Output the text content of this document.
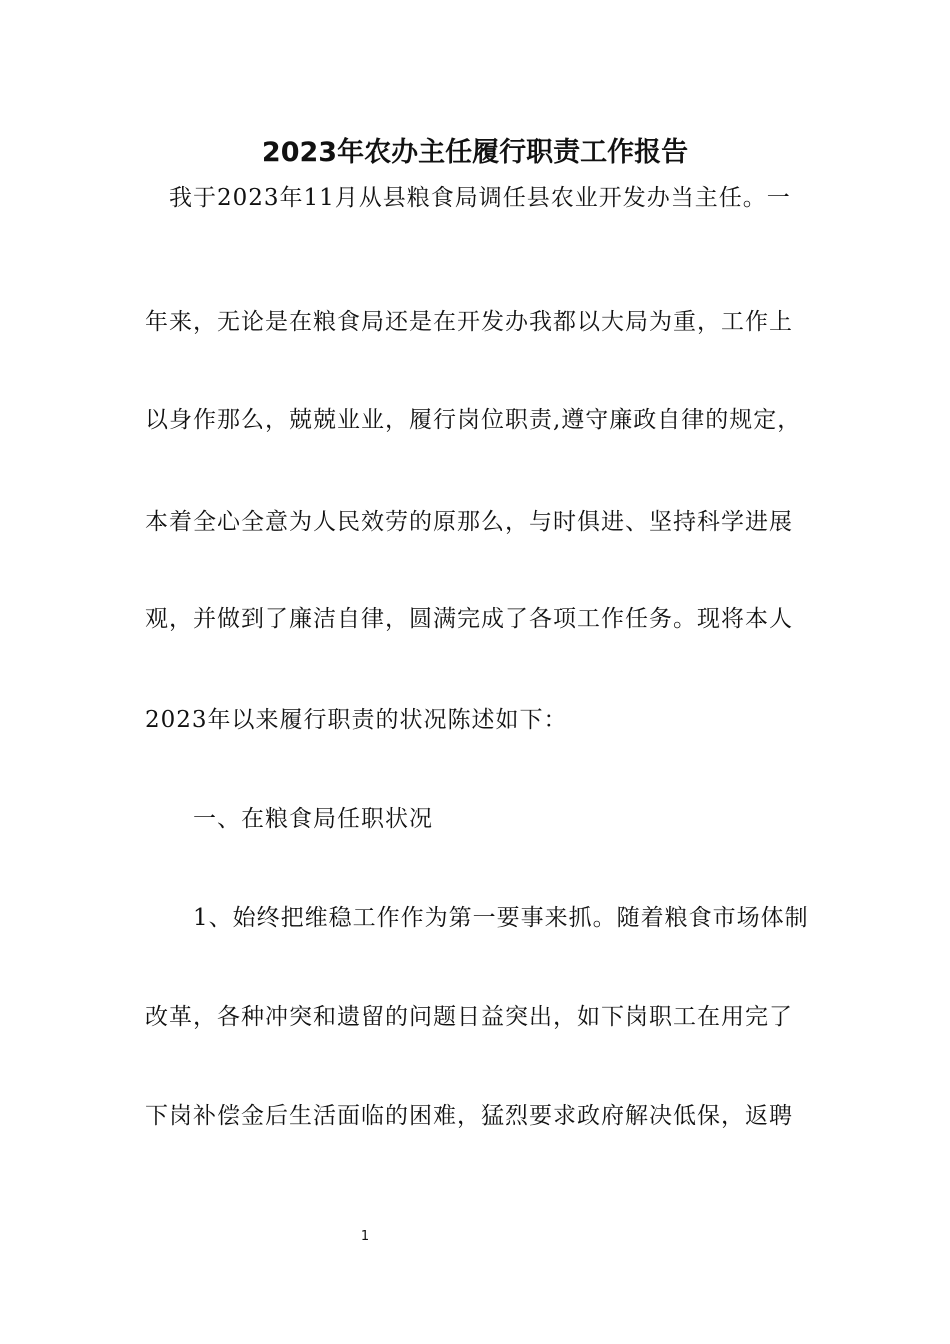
2023年农办主任履行职责工作报告
　我于2023年11月从县粮食局调任县农业开发办当主任。一
年来，无论是在粮食局还是在开发办我都以大局为重，工作上
以身作那么，兢兢业业，履行岗位职责,遵守廉政自律的规定，
本着全心全意为人民效劳的原那么，与时俱进、坚持科学进展
观，并做到了廉洁自律，圆满完成了各项工作任务。现将本人
2023年以来履行职责的状况陈述如下：
　　一、在粮食局任职状况
　　1、始终把维稳工作作为第一要事来抓。随着粮食市场体制
改革，各种冲突和遗留的问题日益突出，如下岗职工在用完了
下岗补偿金后生活面临的困难，猛烈要求政府解决低保，返聘
1
